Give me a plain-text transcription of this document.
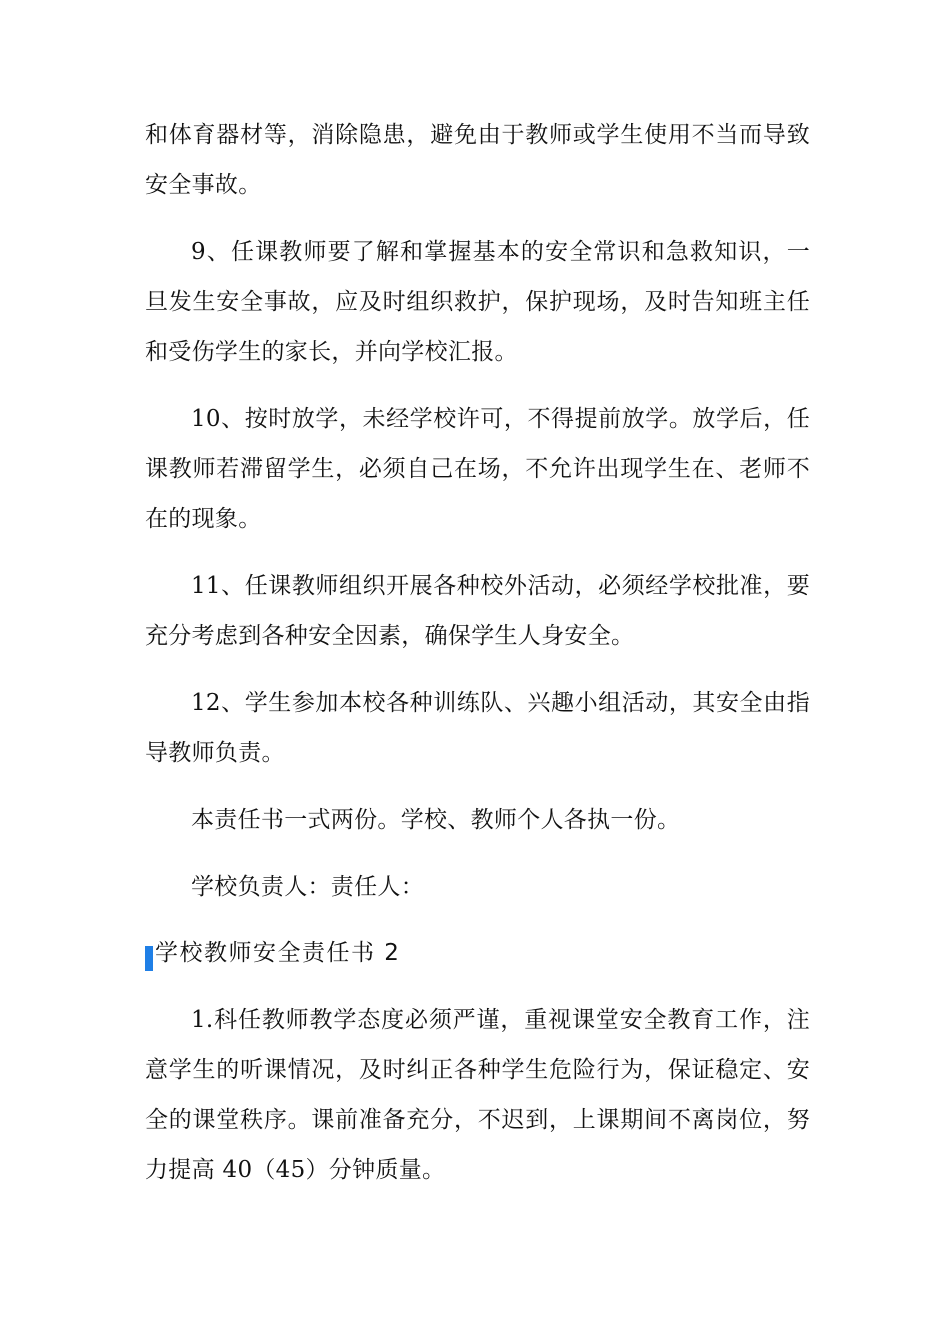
和体育器材等，消除隐患，避免由于教师或学生使用不当而导致安全事故。

9、任课教师要了解和掌握基本的安全常识和急救知识，一旦发生安全事故，应及时组织救护，保护现场，及时告知班主任和受伤学生的家长，并向学校汇报。

10、按时放学，未经学校许可，不得提前放学。放学后，任课教师若滞留学生，必须自己在场，不允许出现学生在、老师不在的现象。

11、任课教师组织开展各种校外活动，必须经学校批准，要充分考虑到各种安全因素，确保学生人身安全。

12、学生参加本校各种训练队、兴趣小组活动，其安全由指导教师负责。

本责任书一式两份。学校、教师个人各执一份。

学校负责人：责任人：

学校教师安全责任书 2

1.科任教师教学态度必须严谨，重视课堂安全教育工作，注意学生的听课情况，及时纠正各种学生危险行为，保证稳定、安全的课堂秩序。课前准备充分，不迟到，上课期间不离岗位，努力提高 40（45）分钟质量。
